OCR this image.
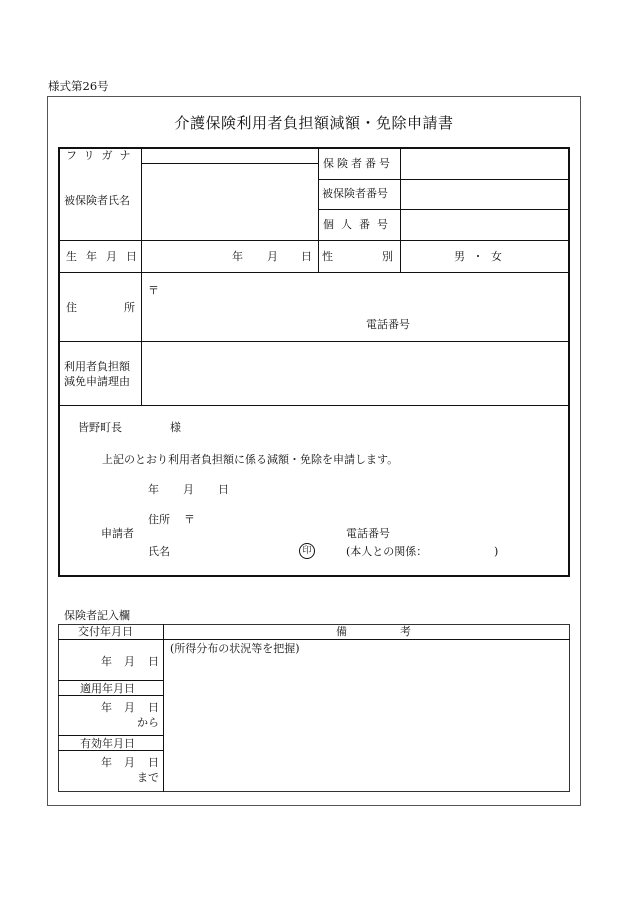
様式第26号
介護保険利用者負担額減額・免除申請書
フリガナ
被保険者氏名
保険者番号
被保険者番号
個人番号
生年月日	年 月 日 性	別	男 ・ 女
住	所
〒
電話番号
利用者負担額
減免申請理由
皆野町長	様
上記のとおり利用者負担額に係る減額・免除を申請します。
年 月 日
申請者
住所 〒
電話番号
氏名	印	(本人との関係：	)
保険者記入欄
交付年月日	備	考
年 月 日
(所得分布の状況等を把握)
適用年月日
年 月 日
から
有効年月日
年 月 日
まで
